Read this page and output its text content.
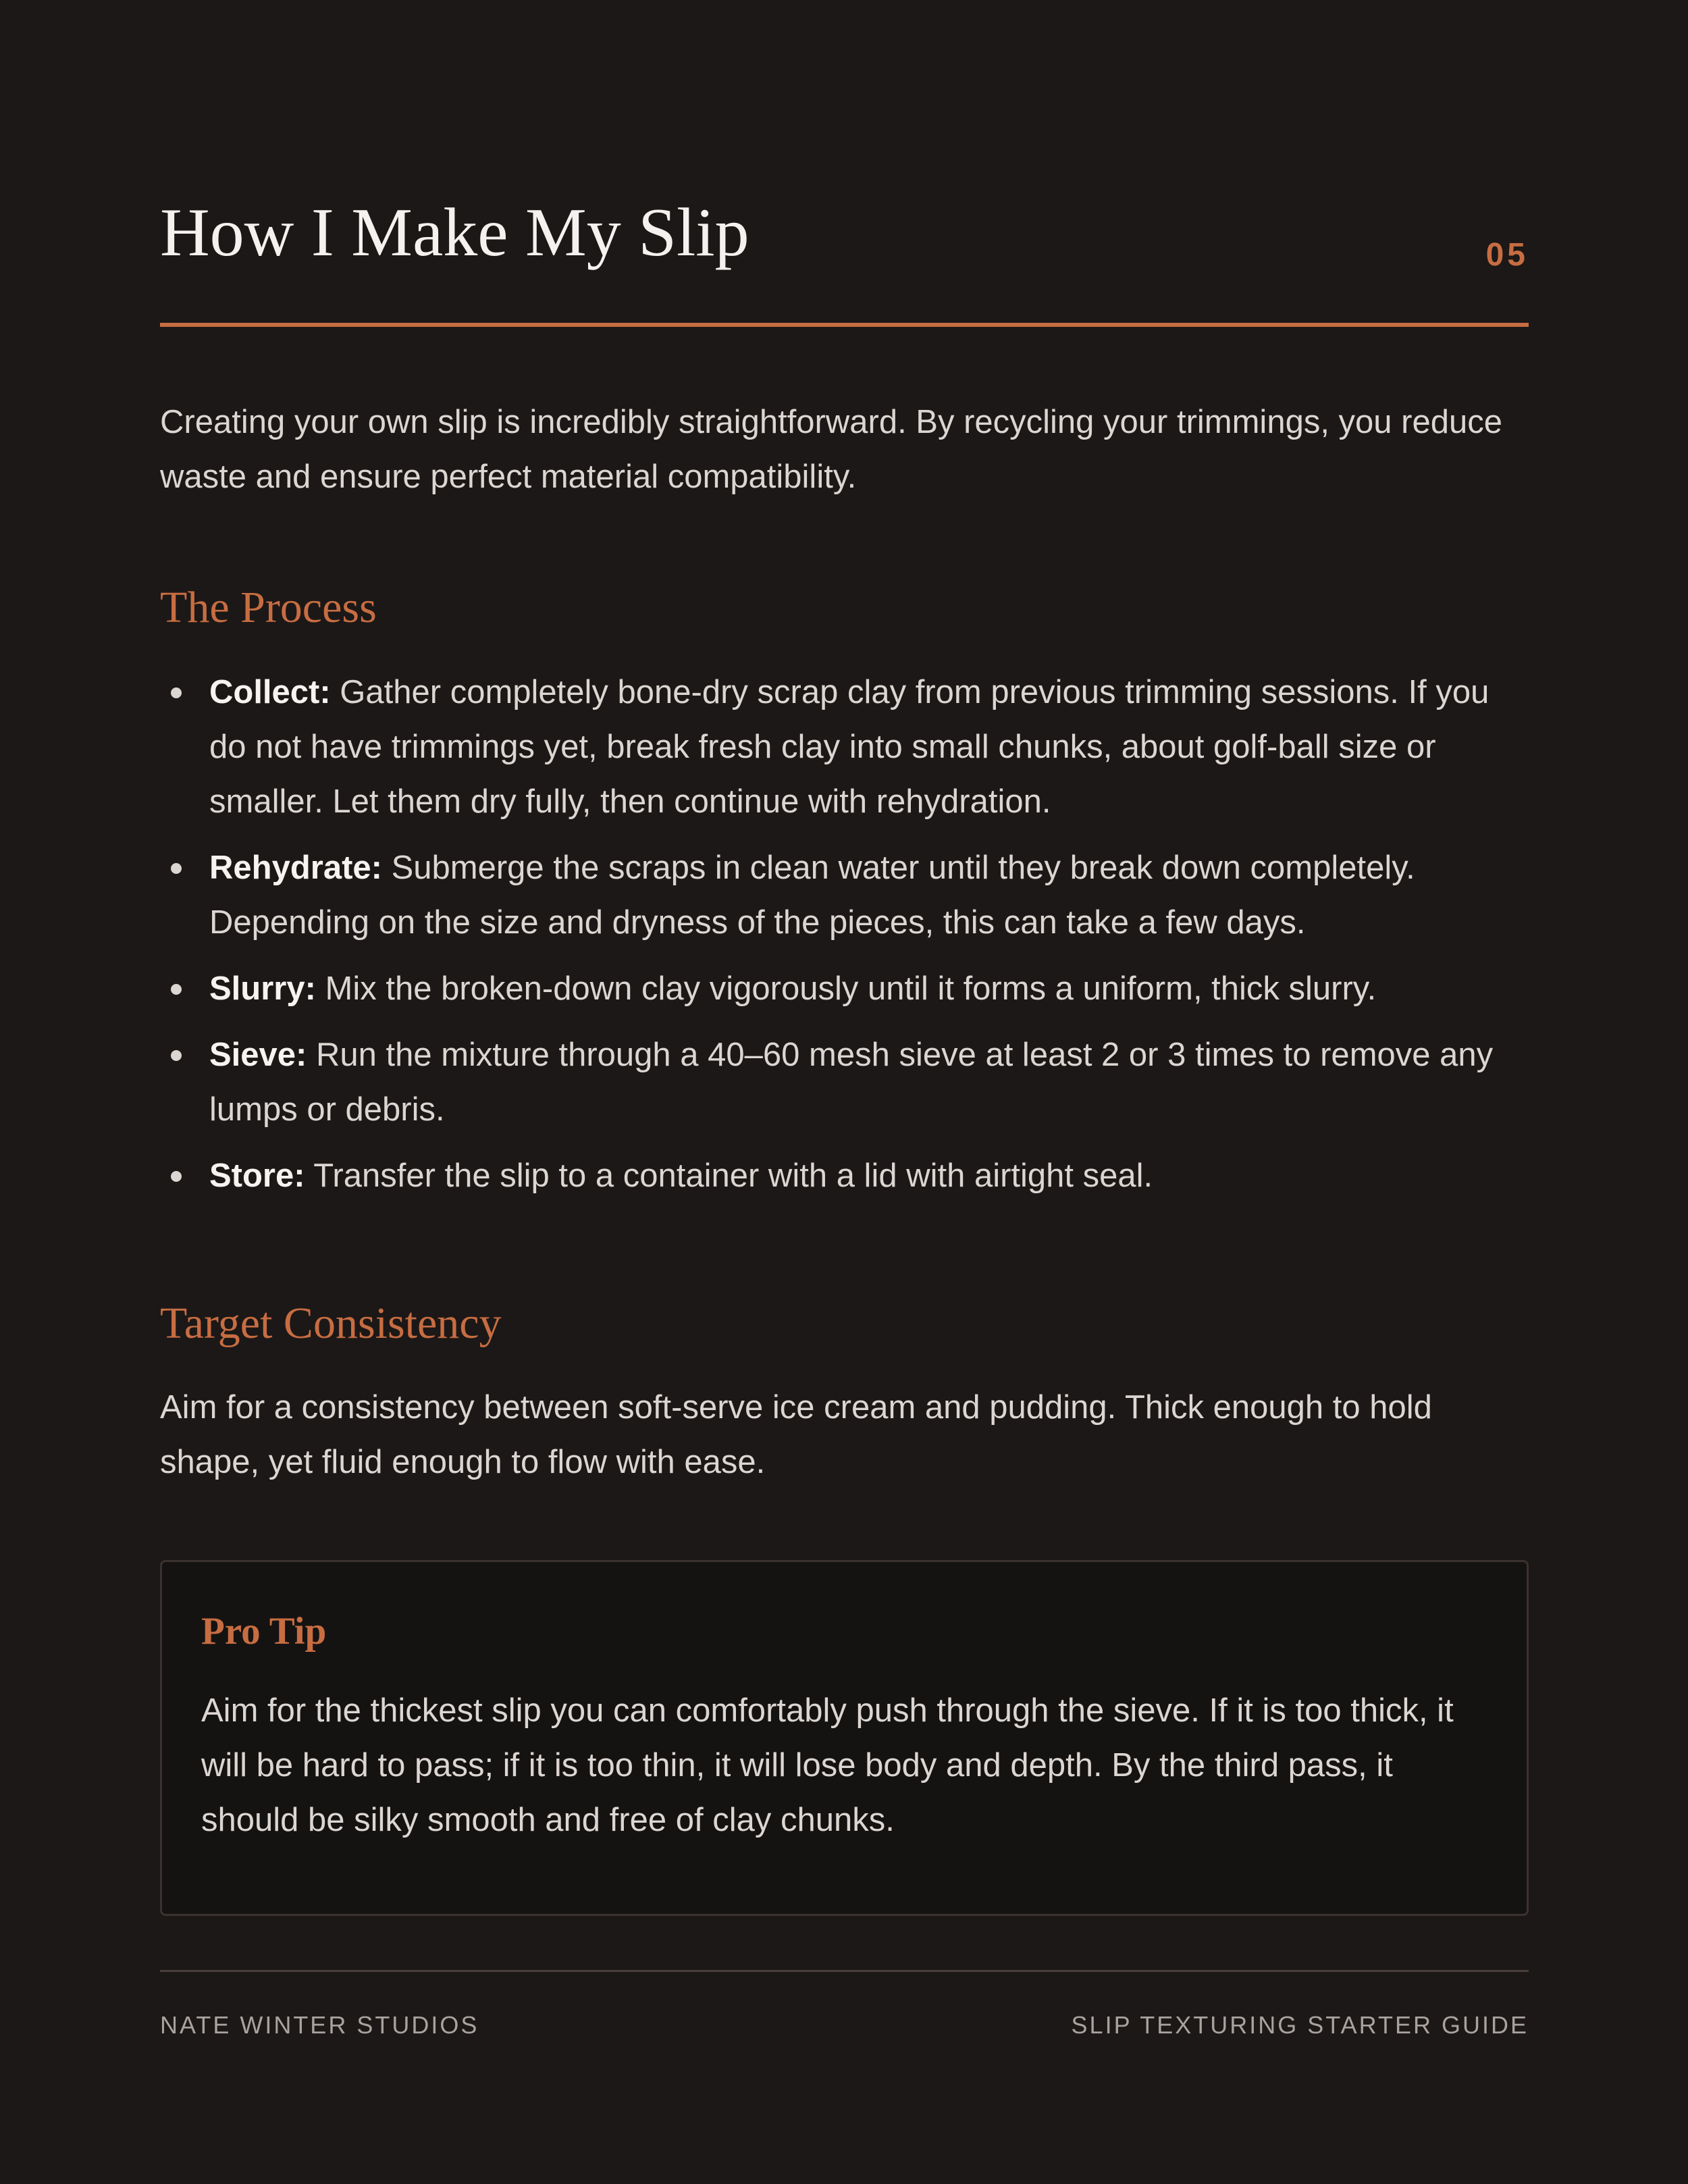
How I Make My Slip	05

Creating your own slip is incredibly straightforward. By recycling your trimmings, you reduce waste and ensure perfect material compatibility.

The Process
Collect: Gather completely bone-dry scrap clay from previous trimming sessions. If you do not have trimmings yet, break fresh clay into small chunks, about golf-ball size or smaller. Let them dry fully, then continue with rehydration.
Rehydrate: Submerge the scraps in clean water until they break down completely. Depending on the size and dryness of the pieces, this can take a few days.
Slurry: Mix the broken-down clay vigorously until it forms a uniform, thick slurry.
Sieve: Run the mixture through a 40–60 mesh sieve at least 2 or 3 times to remove any lumps or debris.
Store: Transfer the slip to a container with a lid with airtight seal.
Target Consistency

Aim for a consistency between soft-serve ice cream and pudding. Thick enough to hold shape, yet fluid enough to flow with ease.

Pro Tip

Aim for the thickest slip you can comfortably push through the sieve. If it is too thick, it will be hard to pass; if it is too thin, it will lose body and depth. By the third pass, it should be silky smooth and free of clay chunks.

NATE WINTER STUDIOS	SLIP TEXTURING STARTER GUIDE
